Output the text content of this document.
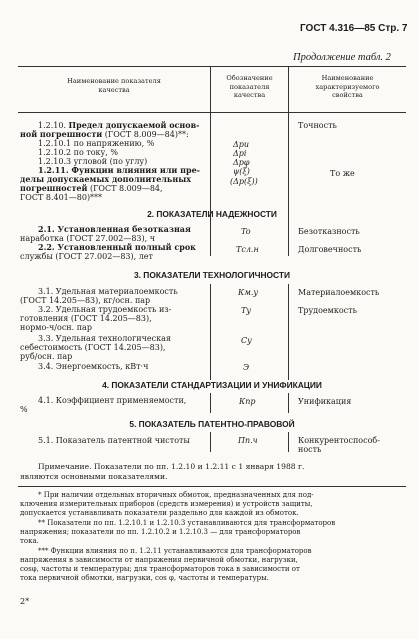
ГОСТ 4.316—85 Стр. 7
Продолжение табл. 2
Наименование показателя
качества
Обозначение
показателя
качества
Наименование
характеризуемого
свойства
1.2.10. Предел допускаемой основ-
ной погрешности (ГОСТ 8.009—84)**:
Точность
1.2.10.1 по напряжению, %	Δpu
1.2.10.2 по току, %	Δpi
1.2.10.3 угловой (по углу)	Δpφ
1.2.11. Функции влияния или пре-
делы допускаемых дополнительных
погрешностей (ГОСТ 8.009—84,
ГОСТ 8.401—80)***
ψ(ξ)
(Δp(ξ))
То же
2. ПОКАЗАТЕЛИ НАДЕЖНОСТИ
2.1. Установленная безотказная
наработка (ГОСТ 27.002—83), ч
To	Безотказность
2.2. Установленный полный срок
службы (ГОСТ 27.002—83), лет
Tсл.н	Долговечность
3. ПОКАЗАТЕЛИ ТЕХНОЛОГИЧНОСТИ
3.1. Удельная материалоемкость
(ГОСТ 14.205—83), кг/осн. пар
Км.у	Материалоемкость
3.2. Удельная трудоемкость из-
готовления (ГОСТ 14.205—83),
нормо-ч/осн. пар
Ту	Трудоемкость
3.3. Удельная технологическая
себестоимость (ГОСТ 14.205—83),
руб/осн. пар
Су
3.4. Энергоемкость, кВт·ч	Э
4. ПОКАЗАТЕЛИ СТАНДАРТИЗАЦИИ И УНИФИКАЦИИ
4.1. Коэффициент применяемости,
%
Кпр	Унификация
5. ПОКАЗАТЕЛЬ ПАТЕНТНО-ПРАВОВОЙ
5.1. Показатель патентной чистоты	Пп.ч	Конкурентоспособ-
ность
Примечание. Показатели по пп. 1.2.10 и 1.2.11 с 1 января 1988 г.
являются основными показателями.
* При наличии отдельных вторичных обмоток, предназначенных для под-
ключения измерительных приборов (средств измерения) и устройств защиты,
допускается устанавливать показатели раздельно для каждой из обмоток.
** Показатели по пп. 1.2.10.1 и 1.2.10.3 устанавливаются для трансформаторов
напряжения; показатели по пп. 1.2.10.2 и 1.2.10.3 — для трансформаторов
тока.
*** Функции влияния по п. 1.2.11 устанавливаются для трансформаторов
напряжения в зависимости от напряжения первичной обмотки, нагрузки,
cosφ, частоты и температуры; для трансформаторов тока в зависимости от
тока первичной обмотки, нагрузки, cos φ, частоты и температуры.
2*
